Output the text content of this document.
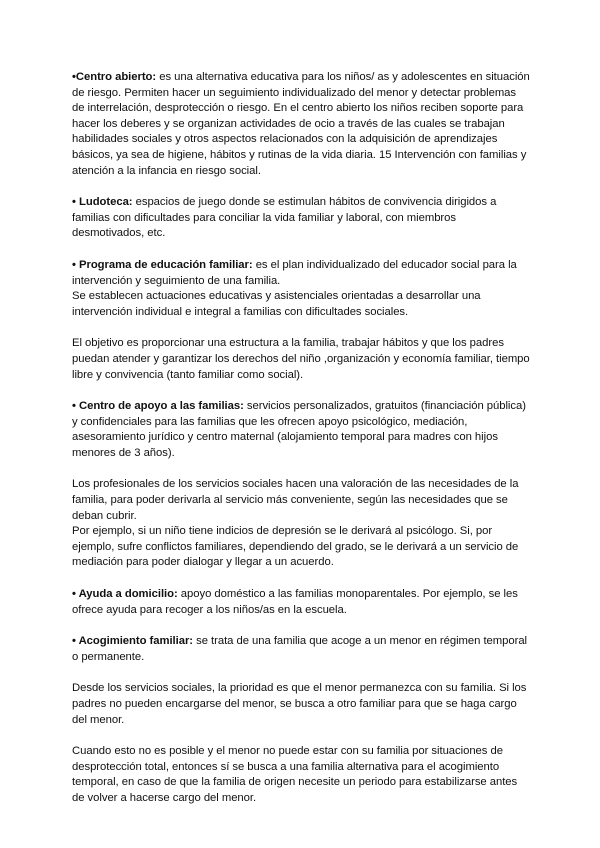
•Centro abierto: es una alternativa educativa para los niños/ as y adolescentes en situación
de riesgo. Permiten hacer un seguimiento individualizado del menor y detectar problemas
de interrelación, desprotección o riesgo. En el centro abierto los niños reciben soporte para
hacer los deberes y se organizan actividades de ocio a través de las cuales se trabajan
habilidades sociales y otros aspectos relacionados con la adquisición de aprendizajes
básicos, ya sea de higiene, hábitos y rutinas de la vida diaria. 15 Intervención con familias y
atención a la infancia en riesgo social.

• Ludoteca: espacios de juego donde se estimulan hábitos de convivencia dirigidos a
familias con dificultades para conciliar la vida familiar y laboral, con miembros
desmotivados, etc.

• Programa de educación familiar: es el plan individualizado del educador social para la
intervención y seguimiento de una familia.
Se establecen actuaciones educativas y asistenciales orientadas a desarrollar una
intervención individual e integral a familias con dificultades sociales.

El objetivo es proporcionar una estructura a la familia, trabajar hábitos y que los padres
puedan atender y garantizar los derechos del niño ,organización y economía familiar, tiempo
libre y convivencia (tanto familiar como social).

• Centro de apoyo a las familias: servicios personalizados, gratuitos (financiación pública)
y confidenciales para las familias que les ofrecen apoyo psicológico, mediación,
asesoramiento jurídico y centro maternal (alojamiento temporal para madres con hijos
menores de 3 años).

Los profesionales de los servicios sociales hacen una valoración de las necesidades de la
familia, para poder derivarla al servicio más conveniente, según las necesidades que se
deban cubrir.
Por ejemplo, si un niño tiene indicios de depresión se le derivará al psicólogo. Si, por
ejemplo, sufre conflictos familiares, dependiendo del grado, se le derivará a un servicio de
mediación para poder dialogar y llegar a un acuerdo.

• Ayuda a domicilio: apoyo doméstico a las familias monoparentales. Por ejemplo, se les
ofrece ayuda para recoger a los niños/as en la escuela.

• Acogimiento familiar: se trata de una familia que acoge a un menor en régimen temporal
o permanente.

Desde los servicios sociales, la prioridad es que el menor permanezca con su familia. Si los
padres no pueden encargarse del menor, se busca a otro familiar para que se haga cargo
del menor.

Cuando esto no es posible y el menor no puede estar con su familia por situaciones de
desprotección total, entonces sí se busca a una familia alternativa para el acogimiento
temporal, en caso de que la familia de origen necesite un periodo para estabilizarse antes
de volver a hacerse cargo del menor.
